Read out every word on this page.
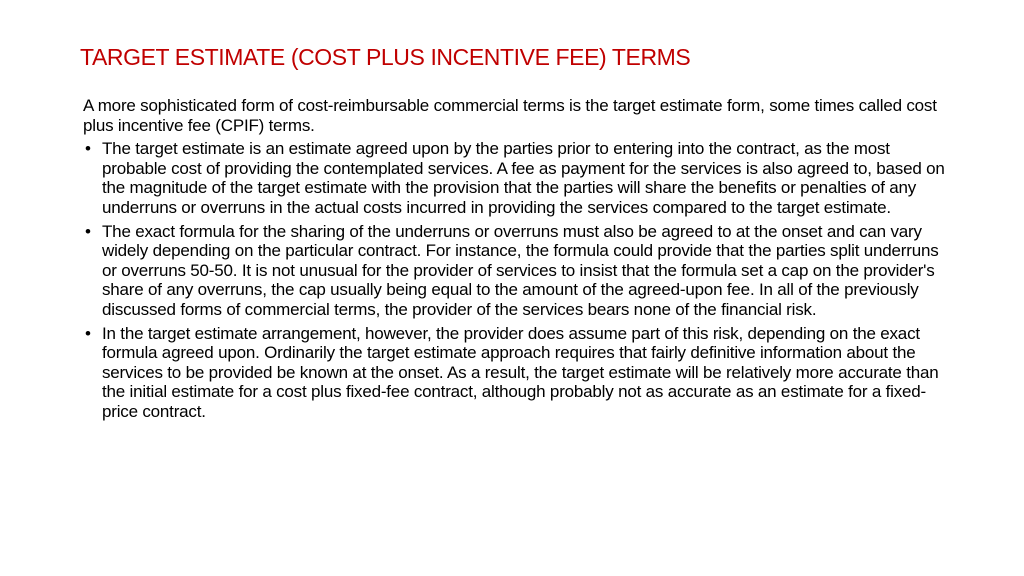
TARGET ESTIMATE (COST PLUS INCENTIVE FEE) TERMS

A more sophisticated form of cost-reimbursable commercial terms is the target estimate form, some times called cost plus incentive fee (CPIF) terms.

• The target estimate is an estimate agreed upon by the parties prior to entering into the contract, as the most probable cost of providing the contemplated services. A fee as payment for the services is also agreed to, based on the magnitude of the target estimate with the provision that the parties will share the benefits or penalties of any underruns or overruns in the actual costs incurred in providing the services compared to the target estimate.
• The exact formula for the sharing of the underruns or overruns must also be agreed to at the onset and can vary widely depending on the particular contract. For instance, the formula could provide that the parties split underruns or overruns 50-50. It is not unusual for the provider of services to insist that the formula set a cap on the provider's share of any overruns, the cap usually being equal to the amount of the agreed-upon fee. In all of the previously discussed forms of commercial terms, the provider of the services bears none of the financial risk.
• In the target estimate arrangement, however, the provider does assume part of this risk, depending on the exact formula agreed upon. Ordinarily the target estimate approach requires that fairly definitive information about the services to be provided be known at the onset. As a result, the target estimate will be relatively more accurate than the initial estimate for a cost plus fixed-fee contract, although probably not as accurate as an estimate for a fixed-price contract.
